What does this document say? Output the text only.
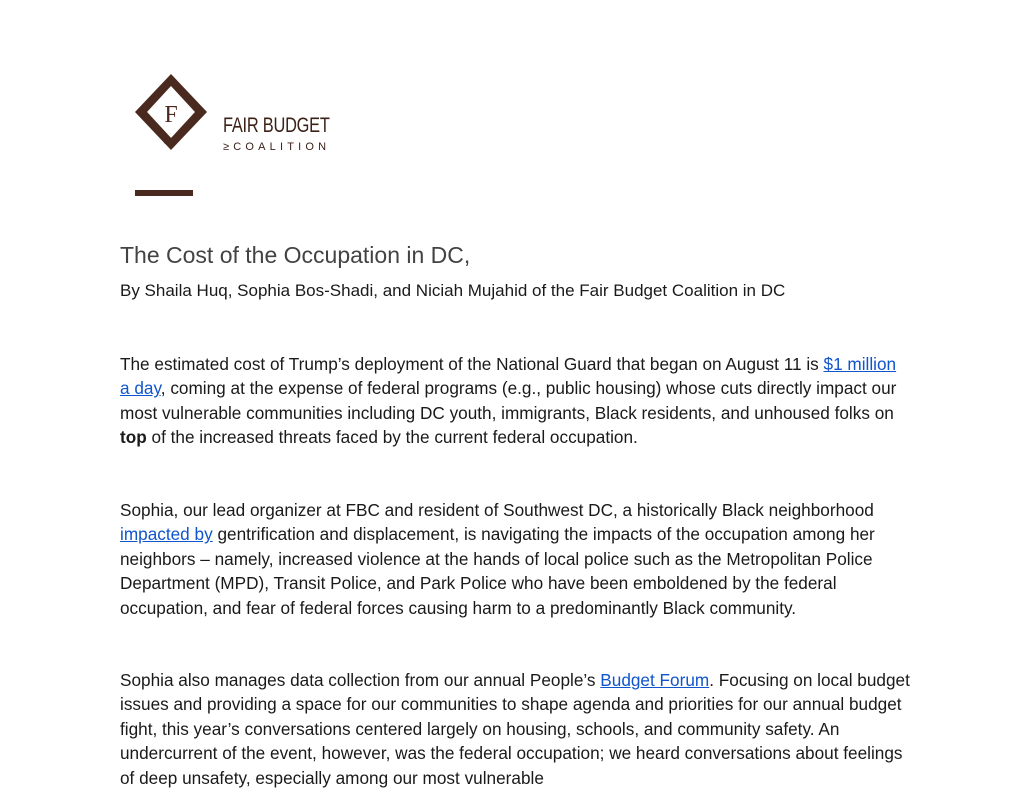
F FAIR BUDGET
≥COALITION
The Cost of the Occupation in DC,
By Shaila Huq, Sophia Bos-Shadi, and Niciah Mujahid of the Fair Budget Coalition in DC

The estimated cost of Trump’s deployment of the National Guard that began on August 11 is $1 million a day, coming at the expense of federal programs (e.g., public housing) whose cuts directly impact our most vulnerable communities including DC youth, immigrants, Black residents, and unhoused folks on top of the increased threats faced by the current federal occupation.

Sophia, our lead organizer at FBC and resident of Southwest DC, a historically Black neighborhood impacted by gentrification and displacement, is navigating the impacts of the occupation among her neighbors – namely, increased violence at the hands of local police such as the Metropolitan Police Department (MPD), Transit Police, and Park Police who have been emboldened by the federal occupation, and fear of federal forces causing harm to a predominantly Black community.

Sophia also manages data collection from our annual People’s Budget Forum. Focusing on local budget issues and providing a space for our communities to shape agenda and priorities for our annual budget fight, this year’s conversations centered largely on housing, schools, and community safety. An undercurrent of the event, however, was the federal occupation; we heard conversations about feelings of deep unsafety, especially among our most vulnerable
